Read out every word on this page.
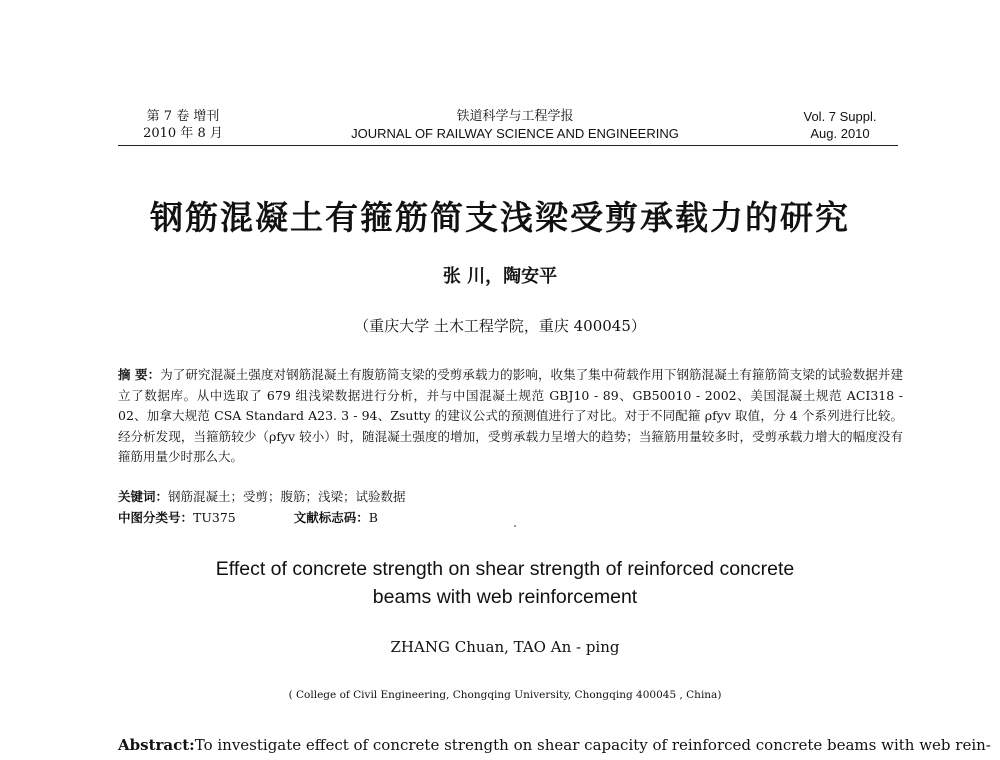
第 7 卷 增刊
2010 年 8 月
铁道科学与工程学报
JOURNAL OF RAILWAY SCIENCE AND ENGINEERING
Vol. 7 Suppl.
Aug. 2010
钢筋混凝土有箍筋简支浅梁受剪承载力的研究
张 川，陶安平
（重庆大学 土木工程学院，重庆 400045）
摘 要：为了研究混凝土强度对钢筋混凝土有腹筋简支梁的受剪承载力的影响，收集了集中荷载作用下钢筋混凝土有箍筋简支梁的试验数据并建立了数据库。从中选取了 679 组浅梁数据进行分析，并与中国混凝土规范 GBJ10 - 89、GB50010 - 2002、美国混凝土规范 ACI318 - 02、加拿大规范 CSA Standard A23. 3 - 94、Zsutty 的建议公式的预测值进行了对比。对于不同配箍 ρfyv 取值，分 4 个系列进行比较。经分析发现，当箍筋较少（ρfyv 较小）时，随混凝土强度的增加，受剪承载力呈增大的趋势；当箍筋用量较多时，受剪承载力增大的幅度没有箍筋用量少时那么大。
关键词：钢筋混凝土；受剪；腹筋；浅梁；试验数据
中图分类号：TU375	文献标志码：B
Effect of concrete strength on shear strength of reinforced concrete
beams with web reinforcement
ZHANG Chuan, TAO An - ping
( College of Civil Engineering, Chongqing University, Chongqing 400045 , China)
Abstract:To investigate effect of concrete strength on shear capacity of reinforced concrete beams with web rein-
